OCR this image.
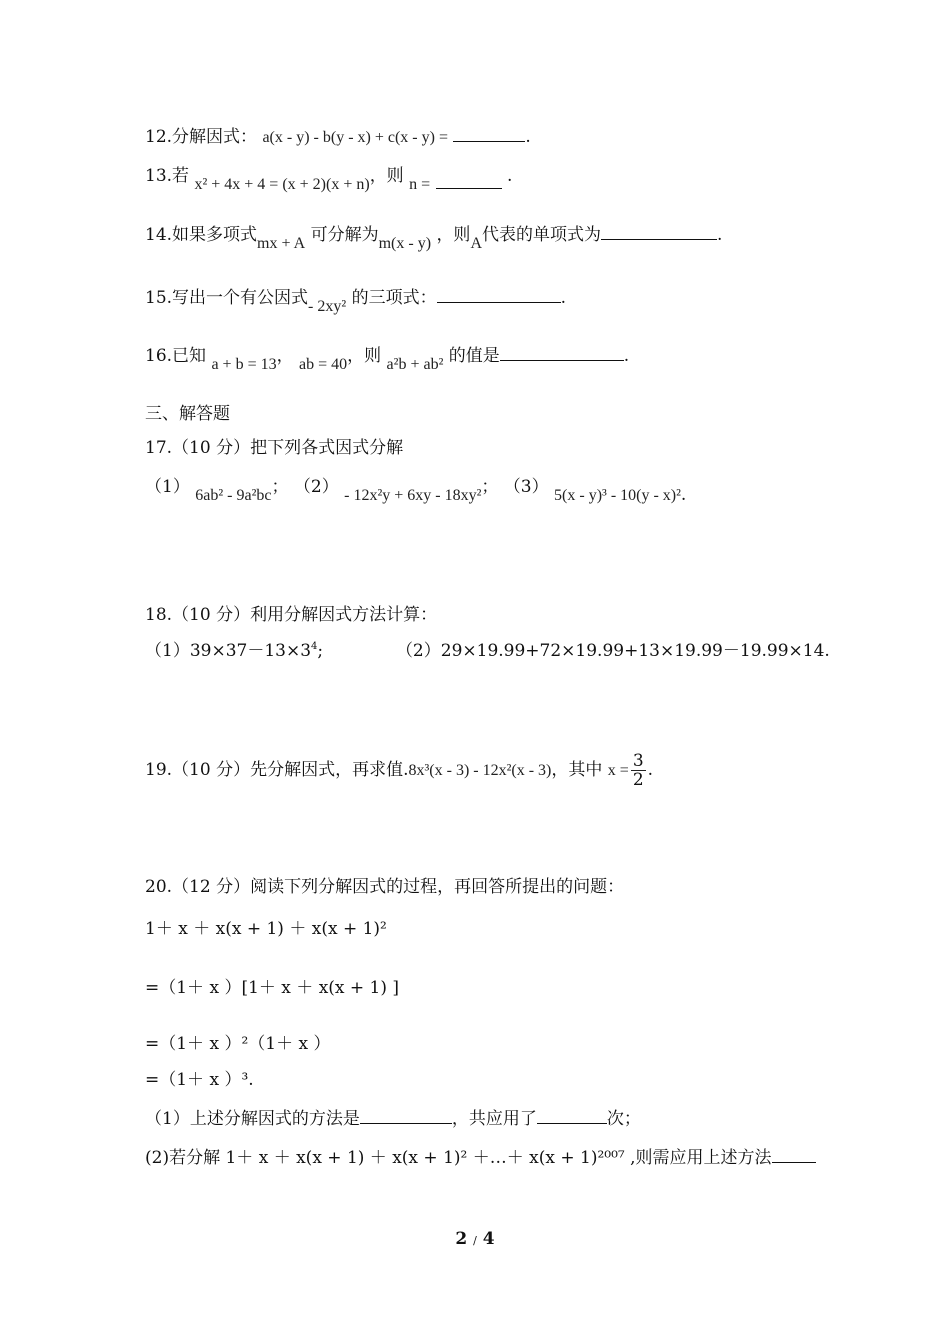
12.分解因式： a(x - y) - b(y - x) + c(x - y) =	.
13.若 x² + 4x + 4 = (x + 2)(x + n)，则 n =	.
14.如果多项式mx + A 可分解为m(x - y) ，则A代表的单项式为	.
15.写出一个有公因式- 2xy² 的三项式：	.
16.已知 a + b = 13， ab = 40，则 a²b + ab² 的值是	.
三、解答题
17.（10 分）把下列各式因式分解
（1） 6ab² - 9a²bc； （2） - 12x²y + 6xy - 18xy²； （3） 5(x - y)³ - 10(y - x)².
18.（10 分）利用分解因式方法计算：
$(1)39\times 37-13\times 3^4$;	（2）29×19.99+72×19.99+13×19.99－19.99×14.
19.（10 分）先分解因式，再求值.8x³(x - 3) - 12x²(x - 3)，其中 $x = \frac{3}{2}$ .
20.（12 分）阅读下列分解因式的过程，再回答所提出的问题：
1＋ x ＋ x(x + 1) ＋ x(x + 1)²
=（1＋ x ）[1＋ x ＋ x(x + 1) ]
=（1＋ x ）²（1＋ x ）
=（1＋ x ）³.
（1）上述分解因式的方法是	，共应用了	次；
(2)若分解 1＋ x ＋ x(x + 1) ＋ x(x + 1)² ＋…＋ x(x + 1)²⁰⁰⁷ ,则需应用上述方法
2 / 4
